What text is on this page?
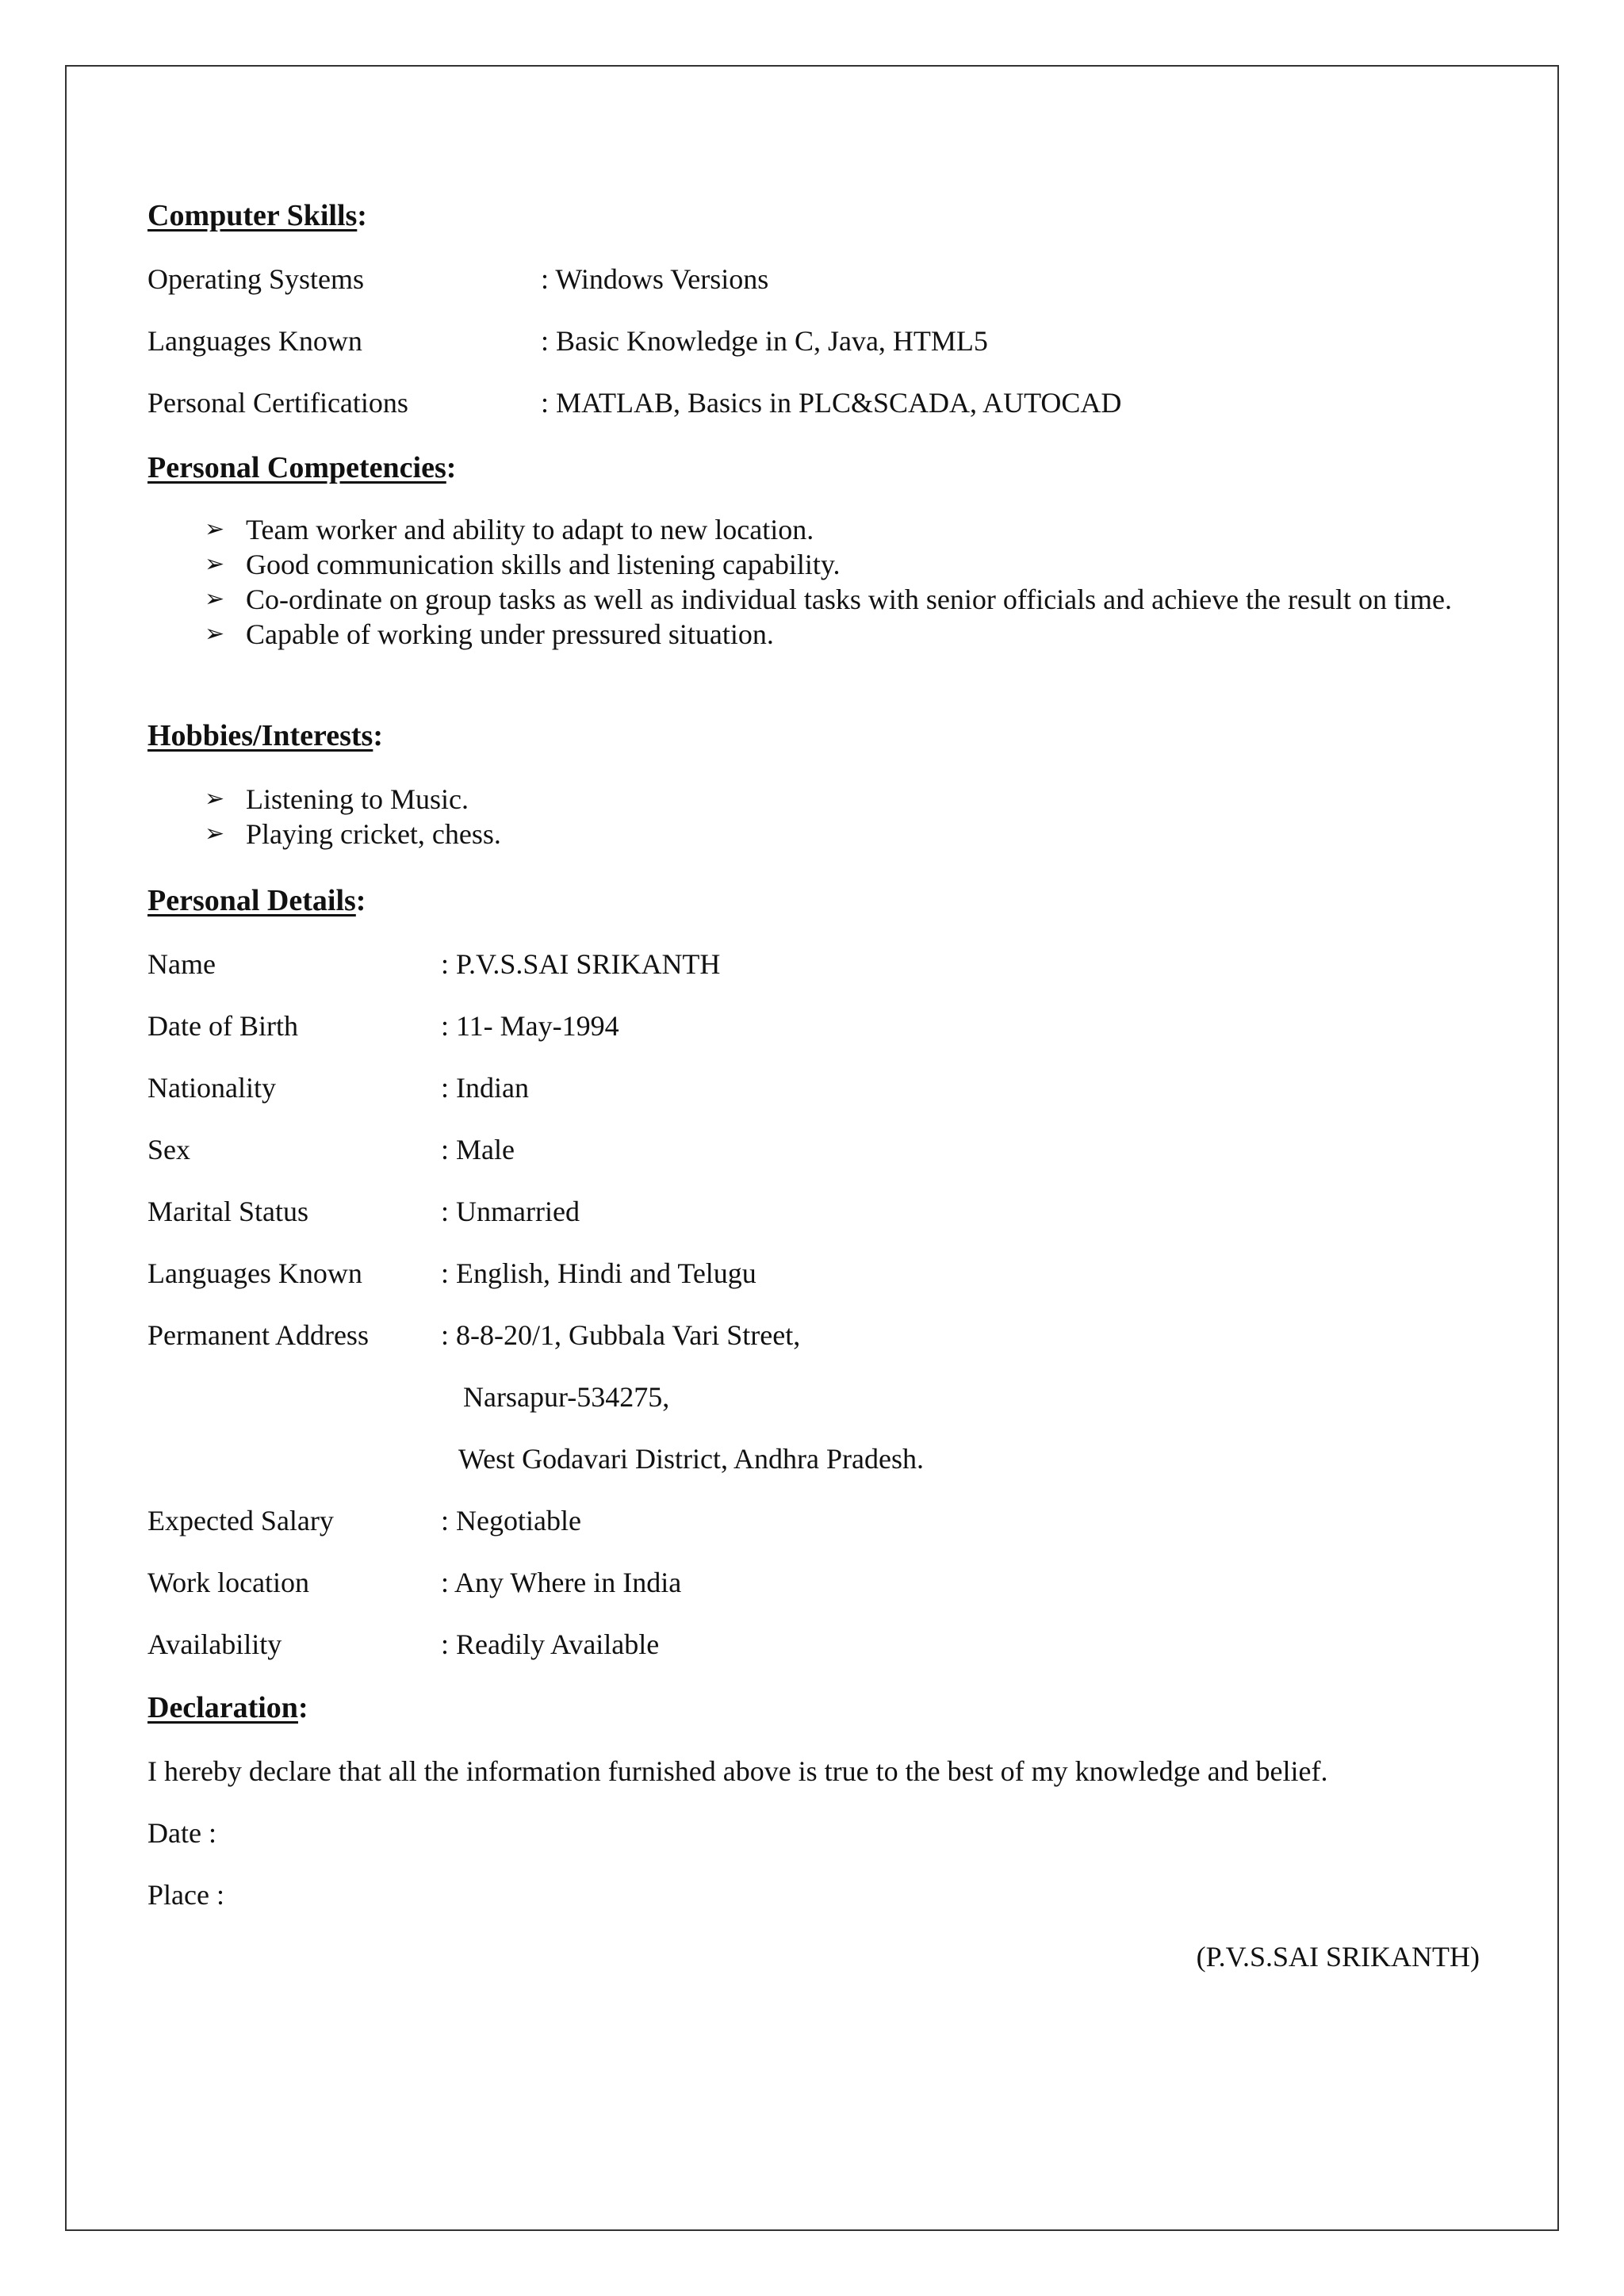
Computer Skills:
Operating Systems	: Windows Versions
Languages Known	: Basic Knowledge in C, Java, HTML5
Personal Certifications	: MATLAB, Basics in PLC&SCADA, AUTOCAD
Personal Competencies:
➢ Team worker and ability to adapt to new location.
➢ Good communication skills and listening capability.
➢ Co-ordinate on group tasks as well as individual tasks with senior officials and achieve the result on time.
➢ Capable of working under pressured situation.
Hobbies/Interests:
➢ Listening to Music.
➢ Playing cricket, chess.
Personal Details:
Name	: P.V.S.SAI SRIKANTH
Date of Birth	: 11- May-1994
Nationality	: Indian
Sex	: Male
Marital Status	: Unmarried
Languages Known	: English, Hindi and Telugu
Permanent Address	: 8-8-20/1, Gubbala Vari Street,
Narsapur-534275,
West Godavari District, Andhra Pradesh.
Expected Salary	: Negotiable
Work location	: Any Where in India
Availability	: Readily Available
Declaration:
I hereby declare that all the information furnished above is true to the best of my knowledge and belief.
Date :
Place :
(P.V.S.SAI SRIKANTH)
